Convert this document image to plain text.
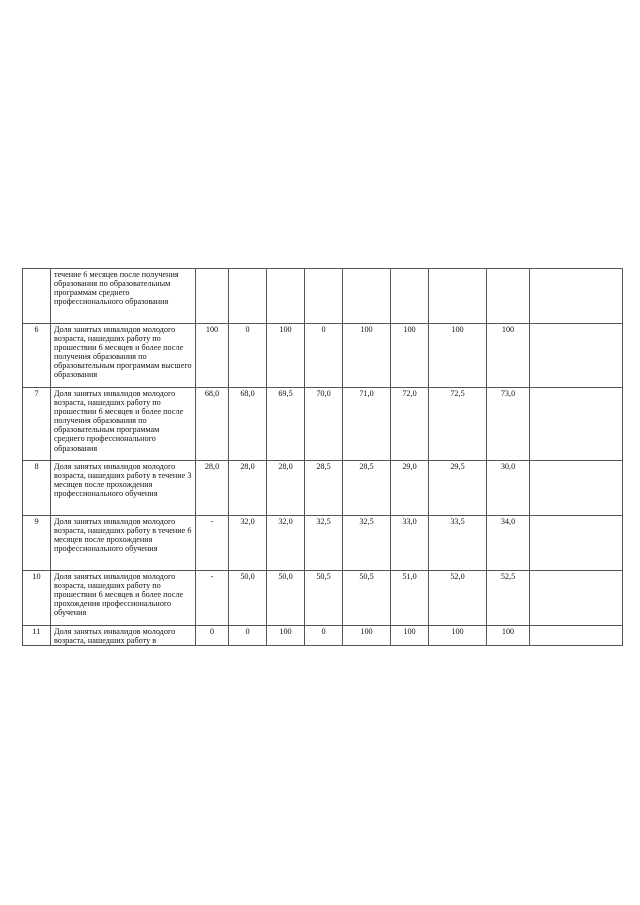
	течение 6 месяцев после получения образования по образовательным программам среднего профессионального образования									
6	Доля занятых инвалидов молодого возраста, нашедших работу по прошествии 6 месяцев и более после получения образования по образовательным программам высшего образования	100	0	100	0	100	100	100	100	
7	Доля занятых инвалидов молодого возраста, нашедших работу по прошествии 6 месяцев и более после получения образования по образовательным программам среднего профессионального образования	68,0	68,0	69,5	70,0	71,0	72,0	72,5	73,0	
8	Доля занятых инвалидов молодого возраста, нашедших работу в течение 3 месяцев после прохождения профессионального обучения	28,0	28,0	28,0	28,5	28,5	29,0	29,5	30,0	
9	Доля занятых инвалидов молодого возраста, нашедших работу в течение 6 месяцев после прохождения профессионального обучения	-	32,0	32,0	32,5	32,5	33,0	33,5	34,0	
10	Доля занятых инвалидов молодого возраста, нашедших работу по прошествии 6 месяцев и более после прохождения профессионального обучения	-	50,0	50,0	50,5	50,5	51,0	52,0	52,5	
11	Доля занятых инвалидов молодого возраста, нашедших работу в	0	0	100	0	100	100	100	100	
